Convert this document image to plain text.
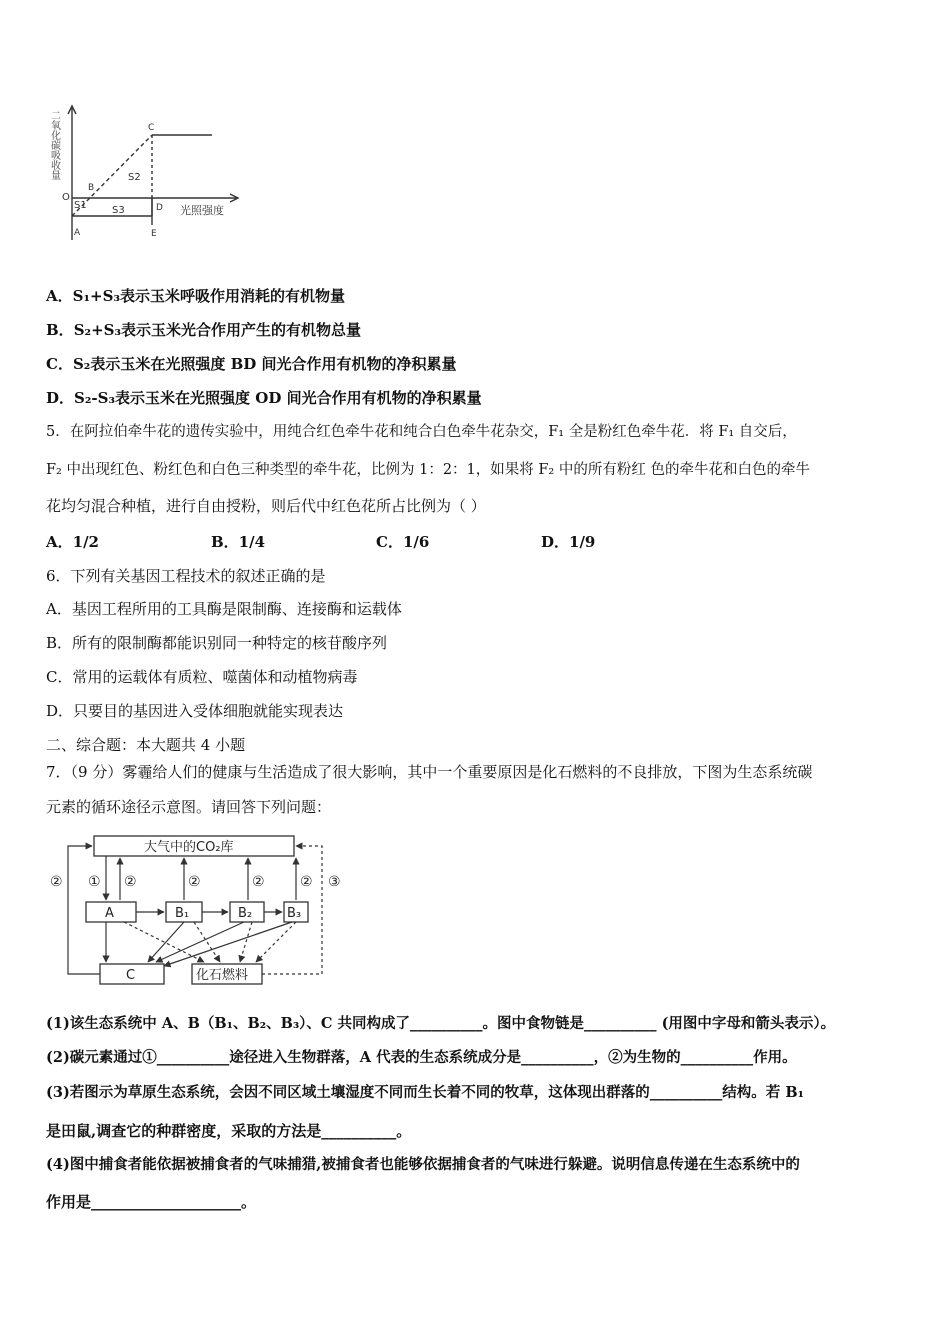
二氧化碳吸收量
O
A
B
C
D
E
S1
S2
S3	光照强度
A．S₁+S₃表示玉米呼吸作用消耗的有机物量
B．S₂+S₃表示玉米光合作用产生的有机物总量
C．S₂表示玉米在光照强度 BD 间光合作用有机物的净积累量
D．S₂-S₃表示玉米在光照强度 OD 间光合作用有机物的净积累量
5．在阿拉伯牵牛花的遗传实验中，用纯合红色牵牛花和纯合白色牵牛花杂交，F₁ 全是粉红色牵牛花．将 F₁ 自交后，
F₂ 中出现红色、粉红色和白色三种类型的牵牛花，比例为 1：2：1，如果将 F₂ 中的所有粉红 色的牵牛花和白色的牵牛
花均匀混合种植，进行自由授粉，则后代中红色花所占比例为（ ）
A．1/2	B．1/4	C．1/6	D．1/9
6．下列有关基因工程技术的叙述正确的是
A．基因工程所用的工具酶是限制酶、连接酶和运载体
B．所有的限制酶都能识别同一种特定的核苷酸序列
C．常用的运载体有质粒、噬菌体和动植物病毒
D．只要目的基因进入受体细胞就能实现表达
二、综合题：本大题共 4 小题
7．（9 分）雾霾给人们的健康与生活造成了很大影响，其中一个重要原因是化石燃料的不良排放，下图为生态系统碳
元素的循环途径示意图。请回答下列问题：
大气中的CO₂库
A	B₁	B₂	B₃
C	化石燃料
② ① ②	②	②	② ③
(1)该生态系统中 A、B（B₁、B₂、B₃）、C 共同构成了__________。图中食物链是__________ (用图中字母和箭头表示）。
(2)碳元素通过①__________途径进入生物群落，A 代表的生态系统成分是__________，②为生物的__________作用。
(3)若图示为草原生态系统，会因不同区域土壤湿度不同而生长着不同的牧草，这体现出群落的__________结构。若 B₁
是田鼠,调查它的种群密度，采取的方法是__________。
(4)图中捕食者能依据被捕食者的气味捕猎,被捕食者也能够依据捕食者的气味进行躲避。说明信息传递在生态系统中的
作用是____________________。
